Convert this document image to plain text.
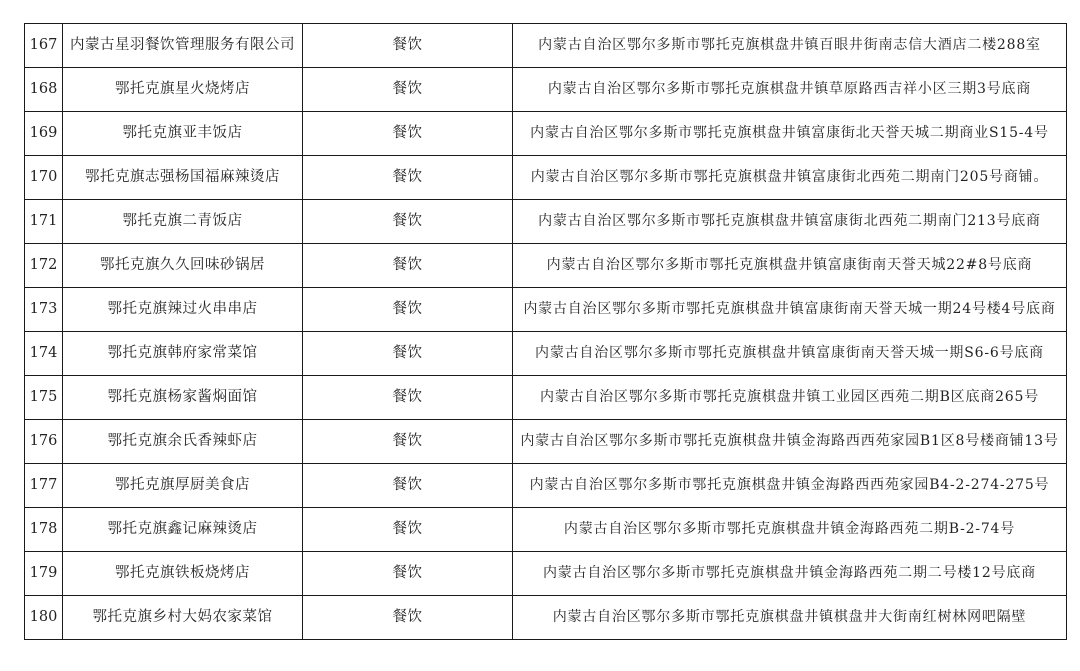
167	内蒙古星羽餐饮管理服务有限公司	餐饮	内蒙古自治区鄂尔多斯市鄂托克旗棋盘井镇百眼井街南志信大酒店二楼288室
168	鄂托克旗星火烧烤店	餐饮	内蒙古自治区鄂尔多斯市鄂托克旗棋盘井镇草原路西吉祥小区三期3号底商
169	鄂托克旗亚丰饭店	餐饮	内蒙古自治区鄂尔多斯市鄂托克旗棋盘井镇富康街北天誉天城二期商业S15-4号
170	鄂托克旗志强杨国福麻辣烫店	餐饮	内蒙古自治区鄂尔多斯市鄂托克旗棋盘井镇富康街北西苑二期南门205号商铺。
171	鄂托克旗二青饭店	餐饮	内蒙古自治区鄂尔多斯市鄂托克旗棋盘井镇富康街北西苑二期南门213号底商
172	鄂托克旗久久回味砂锅居	餐饮	内蒙古自治区鄂尔多斯市鄂托克旗棋盘井镇富康街南天誉天城22#8号底商
173	鄂托克旗辣过火串串店	餐饮	内蒙古自治区鄂尔多斯市鄂托克旗棋盘井镇富康街南天誉天城一期24号楼4号底商
174	鄂托克旗韩府家常菜馆	餐饮	内蒙古自治区鄂尔多斯市鄂托克旗棋盘井镇富康街南天誉天城一期S6-6号底商
175	鄂托克旗杨家酱焖面馆	餐饮	内蒙古自治区鄂尔多斯市鄂托克旗棋盘井镇工业园区西苑二期B区底商265号
176	鄂托克旗余氏香辣虾店	餐饮	内蒙古自治区鄂尔多斯市鄂托克旗棋盘井镇金海路西西苑家园B1区8号楼商铺13号
177	鄂托克旗厚厨美食店	餐饮	内蒙古自治区鄂尔多斯市鄂托克旗棋盘井镇金海路西西苑家园B4-2-274-275号
178	鄂托克旗鑫记麻辣烫店	餐饮	内蒙古自治区鄂尔多斯市鄂托克旗棋盘井镇金海路西苑二期B-2-74号
179	鄂托克旗铁板烧烤店	餐饮	内蒙古自治区鄂尔多斯市鄂托克旗棋盘井镇金海路西苑二期二号楼12号底商
180	鄂托克旗乡村大妈农家菜馆	餐饮	内蒙古自治区鄂尔多斯市鄂托克旗棋盘井镇棋盘井大街南红树林网吧隔壁
